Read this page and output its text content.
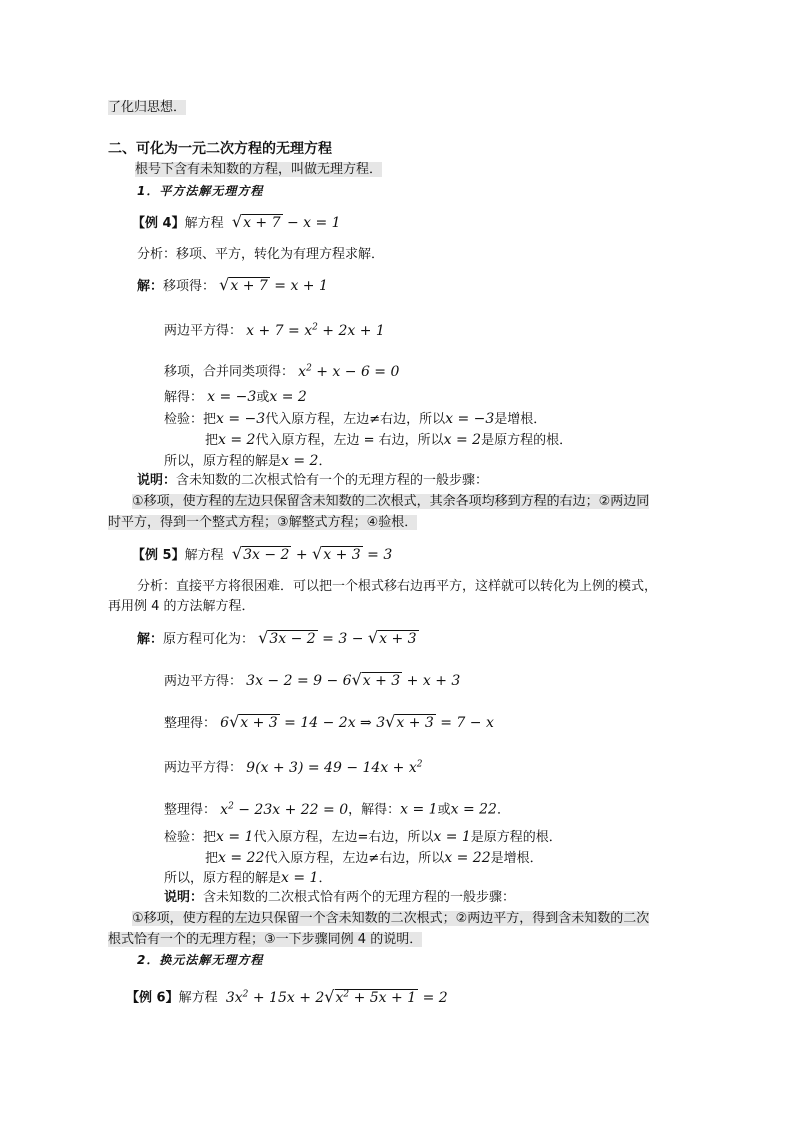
了化归思想．
二、可化为一元二次方程的无理方程
根号下含有未知数的方程，叫做无理方程．
1．平方法解无理方程
【例 4】解方程 √x + 7 − x = 1
分析：移项、平方，转化为有理方程求解．
解：移项得： √x + 7 = x + 1
两边平方得： $x + 7 = x^2 + 2x + 1$
移项，合并同类项得： $x^2 + x - 6 = 0$
解得： x = −3或x = 2
检验：把x = −3代入原方程，左边≠右边，所以x = −3是增根．
把x = 2代入原方程，左边 = 右边，所以x = 2是原方程的根．
所以，原方程的解是x = 2．
说明：含未知数的二次根式恰有一个的无理方程的一般步骤：
①移项，使方程的左边只保留含未知数的二次根式，其余各项均移到方程的右边；②两边同
时平方，得到一个整式方程；③解整式方程；④验根．
【例 5】解方程 √3x − 2 + √x + 3 = 3
分析：直接平方将很困难．可以把一个根式移右边再平方，这样就可以转化为上例的模式，
再用例 4 的方法解方程．
解：原方程可化为： √3x − 2 = 3 − √x + 3
两边平方得： 3x − 2 = 9 − 6√x + 3 + x + 3
整理得： 6√x + 3 = 14 − 2x ⇒ 3√x + 3 = 7 − x
两边平方得： $9(x + 3) = 49 - 14x + x^2$
整理得： $x^2 - 23x + 22 = 0$，解得：x = 1或x = 22．
检验：把x = 1代入原方程，左边=右边，所以x = 1是原方程的根．
把x = 22代入原方程，左边≠右边，所以x = 22是增根．
所以，原方程的解是x = 1．
说明：含未知数的二次根式恰有两个的无理方程的一般步骤：
①移项，使方程的左边只保留一个含未知数的二次根式；②两边平方，得到含未知数的二次
根式恰有一个的无理方程；③一下步骤同例 4 的说明．
2．换元法解无理方程
【例 6】解方程 $3x^2 + 15x + 2√x^2 + 5x + 1 = 2$
